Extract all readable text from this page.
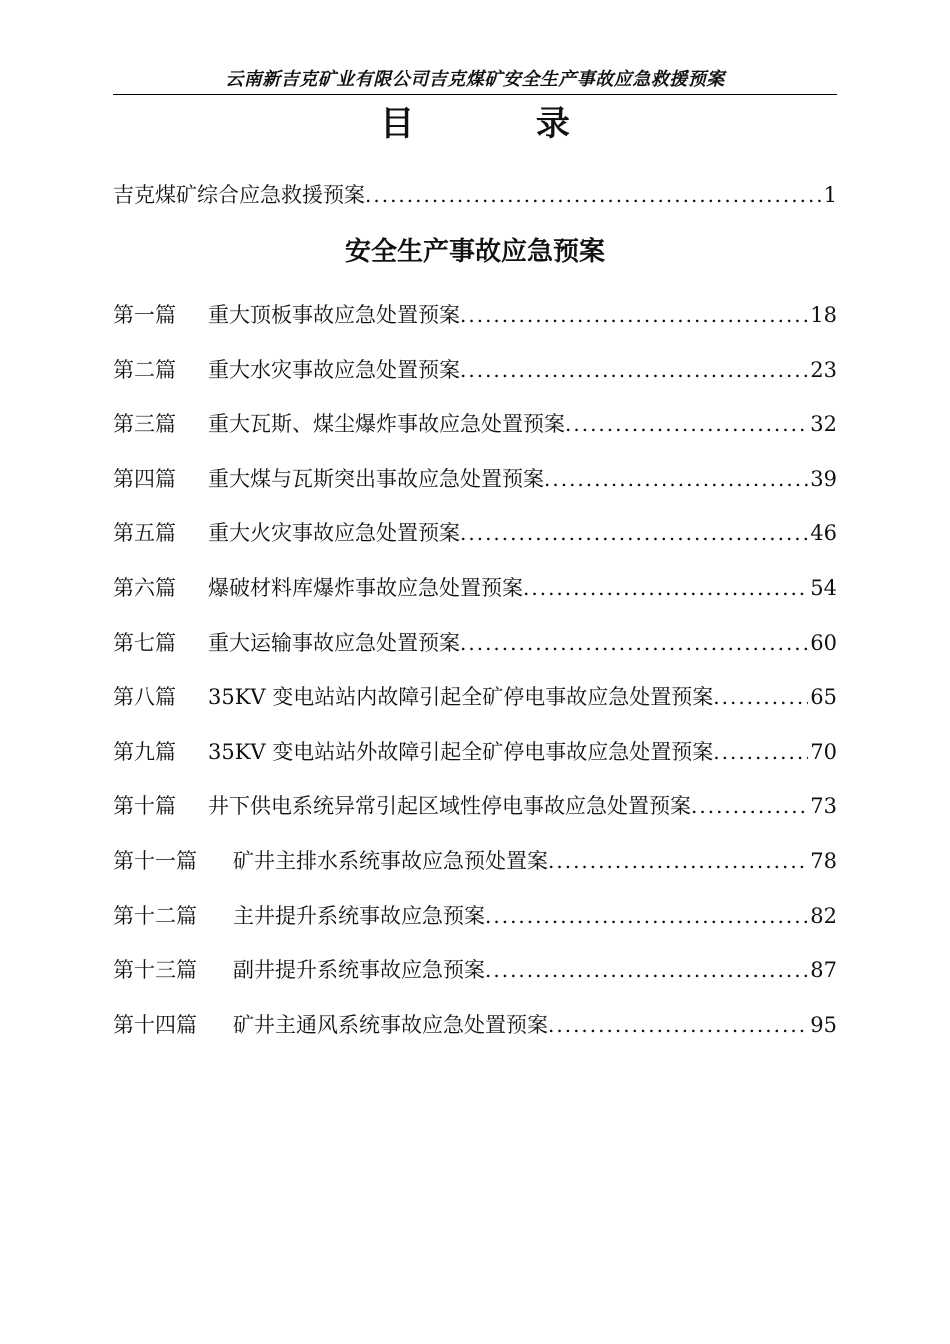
云南新吉克矿业有限公司吉克煤矿安全生产事故应急救援预案
目 录
吉克煤矿综合应急救援预案 .....	1
安全生产事故应急预案
第一篇	重大顶板事故应急处置预案 .....	18
第二篇	重大水灾事故应急处置预案 .....	23
第三篇	重大瓦斯、煤尘爆炸事故应急处置预案 .....	32
第四篇	重大煤与瓦斯突出事故应急处置预案 .....	39
第五篇	重大火灾事故应急处置预案 .....	46
第六篇	爆破材料库爆炸事故应急处置预案 .....	54
第七篇	重大运输事故应急处置预案 .....	60
第八篇	35KV 变电站站内故障引起全矿停电事故应急处置预案 .....	65
第九篇	35KV 变电站站外故障引起全矿停电事故应急处置预案 .....	70
第十篇	井下供电系统异常引起区域性停电事故应急处置预案 .....	73
第十一篇	矿井主排水系统事故应急预处置案 .....	78
第十二篇	主井提升系统事故应急预案 .....	82
第十三篇	副井提升系统事故应急预案 .....	87
第十四篇	矿井主通风系统事故应急处置预案 .....	95
